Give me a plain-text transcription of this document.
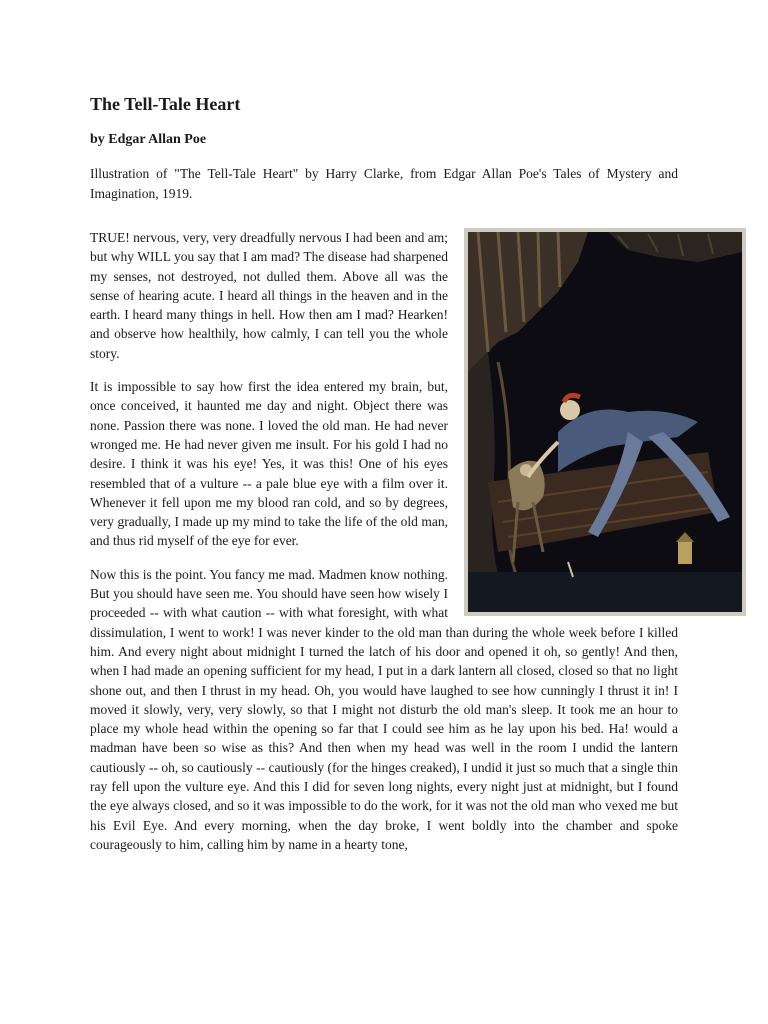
The Tell-Tale Heart
by Edgar Allan Poe
Illustration of "The Tell-Tale Heart" by Harry Clarke, from Edgar Allan Poe's Tales of Mystery and Imagination, 1919.

TRUE! nervous, very, very dreadfully nervous I had been and am; but why WILL you say that I am mad? The disease had sharpened my senses, not destroyed, not dulled them. Above all was the sense of hearing acute. I heard all things in the heaven and in the earth. I heard many things in hell. How then am I mad? Hearken! and observe how healthily, how calmly, I can tell you the whole story.

It is impossible to say how first the idea entered my brain, but, once conceived, it haunted me day and night. Object there was none. Passion there was none. I loved the old man. He had never wronged me. He had never given me insult. For his gold I had no desire. I think it was his eye! Yes, it was this! One of his eyes resembled that of a vulture -- a pale blue eye with a film over it. Whenever it fell upon me my blood ran cold, and so by degrees, very gradually, I made up my mind to take the life of the old man, and thus rid myself of the eye for ever.

Now this is the point. You fancy me mad. Madmen know nothing. But you should have seen me. You should have seen how wisely I proceeded -- with what caution -- with what foresight, with what dissimulation, I went to work! I was never kinder to the old man than during the whole week before I killed him. And every night about midnight I turned the latch of his door and opened it oh, so gently! And then, when I had made an opening sufficient for my head, I put in a dark lantern all closed, closed so that no light shone out, and then I thrust in my head. Oh, you would have laughed to see how cunningly I thrust it in! I moved it slowly, very, very slowly, so that I might not disturb the old man's sleep. It took me an hour to place my whole head within the opening so far that I could see him as he lay upon his bed. Ha! would a madman have been so wise as this? And then when my head was well in the room I undid the lantern cautiously -- oh, so cautiously -- cautiously (for the hinges creaked), I undid it just so much that a single thin ray fell upon the vulture eye. And this I did for seven long nights, every night just at midnight, but I found the eye always closed, and so it was impossible to do the work, for it was not the old man who vexed me but his Evil Eye. And every morning, when the day broke, I went boldly into the chamber and spoke courageously to him, calling him by name in a hearty tone,
